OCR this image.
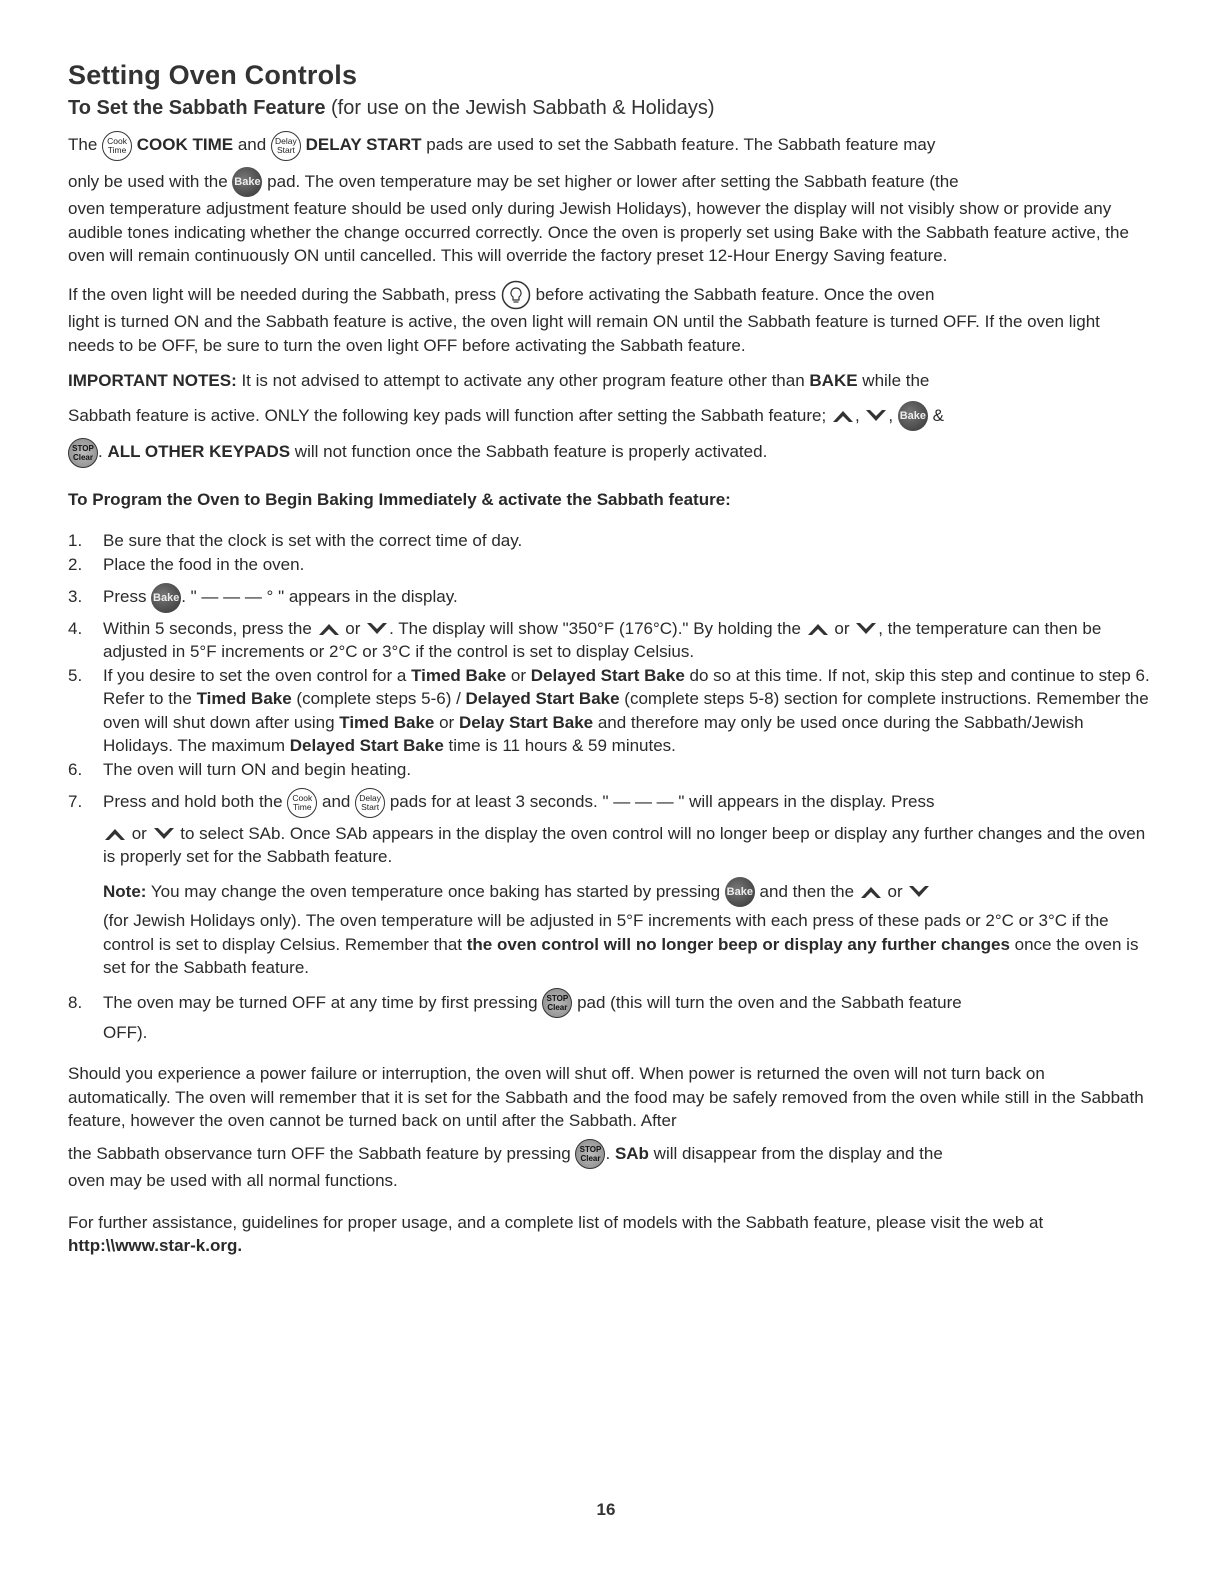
Setting Oven Controls
To Set the Sabbath Feature (for use on the Jewish Sabbath & Holidays)

The Cook
Time COOK TIME and Delay
Start DELAY START pads are used to set the Sabbath feature. The Sabbath feature may

only be used with the Bake pad. The oven temperature may be set higher or lower after setting the Sabbath feature (the

oven temperature adjustment feature should be used only during Jewish Holidays), however the display will not visibly show or provide any audible tones indicating whether the change occurred correctly. Once the oven is properly set using Bake with the Sabbath feature active, the oven will remain continuously ON until cancelled. This will override the factory preset 12-Hour Energy Saving feature.

If the oven light will be needed during the Sabbath, press  before activating the Sabbath feature. Once the oven

light is turned ON and the Sabbath feature is active, the oven light will remain ON until the Sabbath feature is turned OFF. If the oven light needs to be OFF, be sure to turn the oven light OFF before activating the Sabbath feature.

IMPORTANT NOTES: It is not advised to attempt to activate any other program feature other than BAKE while the

Sabbath feature is active. ONLY the following key pads will function after setting the Sabbath feature; , , Bake &

STOP
Clear . ALL OTHER KEYPADS will not function once the Sabbath feature is properly activated.

To Program the Oven to Begin Baking Immediately & activate the Sabbath feature:

1. Be sure that the clock is set with the correct time of day.
2. Place the food in the oven.
3. Press Bake . " — — — ° " appears in the display.
4. Within 5 seconds, press the  or . The display will show "350°F (176°C)." By holding the  or , the temperature can then be adjusted in 5°F increments or 2°C or 3°C if the control is set to display Celsius.
5. If you desire to set the oven control for a Timed Bake or Delayed Start Bake do so at this time. If not, skip this step and continue to step 6. Refer to the Timed Bake (complete steps 5-6) / Delayed Start Bake (complete steps 5-8) section for complete instructions. Remember the oven will shut down after using Timed Bake or Delay Start Bake and therefore may only be used once during the Sabbath/Jewish Holidays. The maximum Delayed Start Bake time is 11 hours & 59 minutes.
6. The oven will turn ON and begin heating.
7. Press and hold both the Cook
Time and Delay
Start pads for at least 3 seconds. " — — — " will appears in the display. Press
or  to select SAb. Once SAb appears in the display the oven control will no longer beep or display any further changes and the oven is properly set for the Sabbath feature.

Note: You may change the oven temperature once baking has started by pressing Bake and then the  or

(for Jewish Holidays only). The oven temperature will be adjusted in 5°F increments with each press of these pads or 2°C or 3°C if the control is set to display Celsius. Remember that the oven control will no longer beep or display any further changes once the oven is set for the Sabbath feature.

8. The oven may be turned OFF at any time by first pressing STOP
Clear pad (this will turn the oven and the Sabbath feature
OFF).

Should you experience a power failure or interruption, the oven will shut off. When power is returned the oven will not turn back on automatically. The oven will remember that it is set for the Sabbath and the food may be safely removed from the oven while still in the Sabbath feature, however the oven cannot be turned back on until after the Sabbath. After

the Sabbath observance turn OFF the Sabbath feature by pressing STOP
Clear . SAb will disappear from the display and the

oven may be used with all normal functions.

For further assistance, guidelines for proper usage, and a complete list of models with the Sabbath feature, please visit the web at http:\\www.star-k.org.

16
